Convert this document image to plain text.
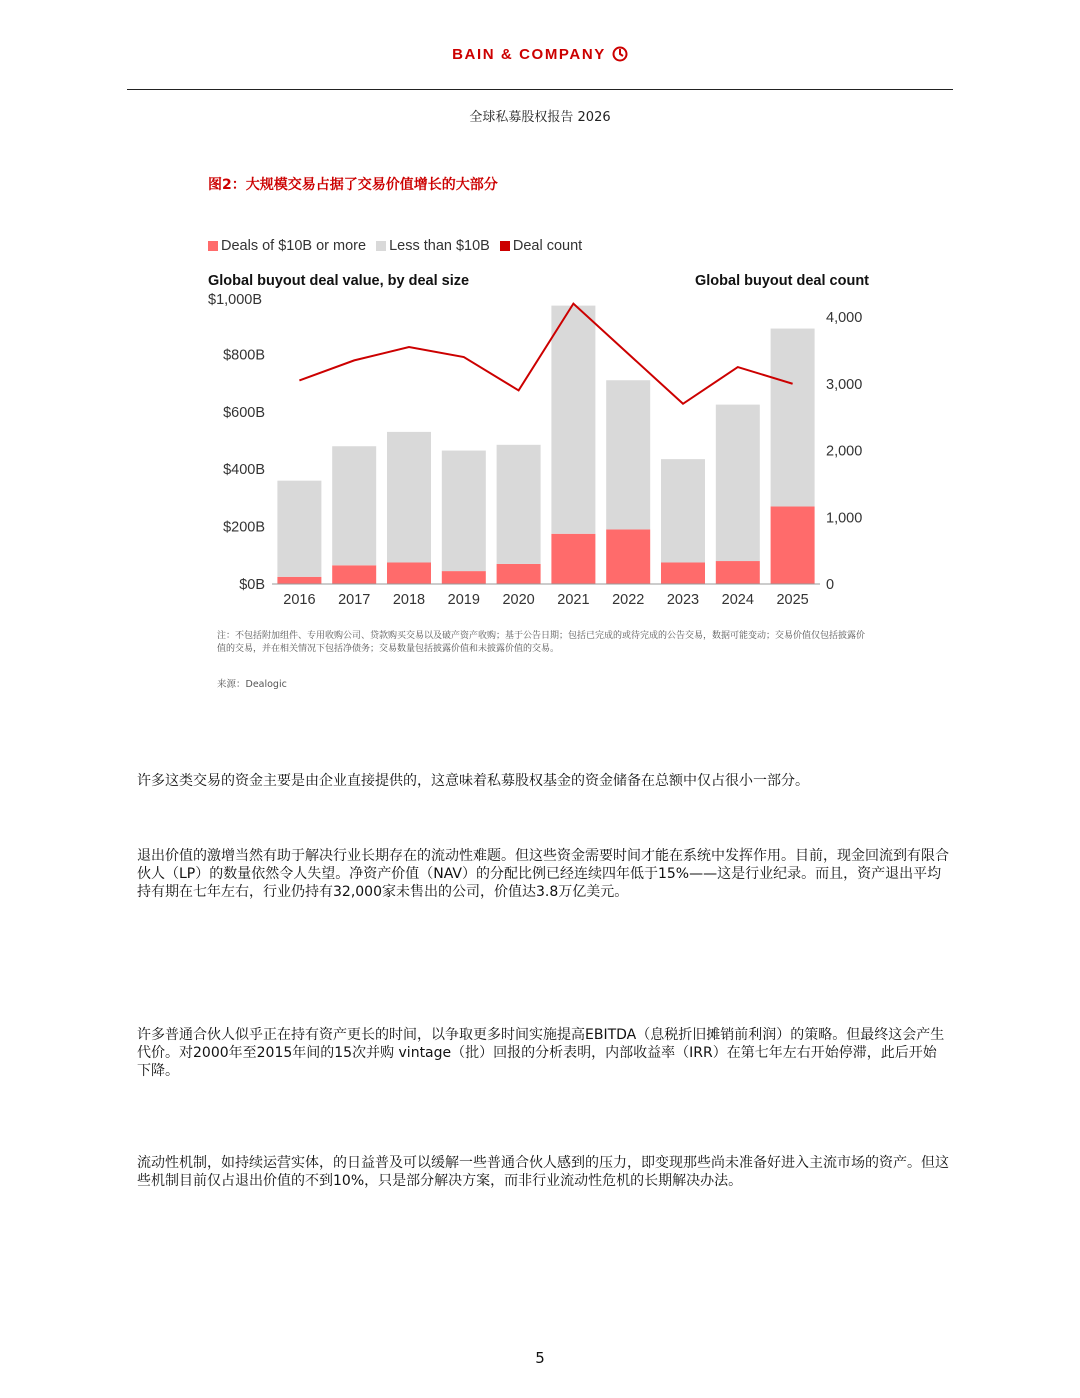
BAIN & COMPANY
全球私募股权报告 2026
图2：大规模交易占据了交易价值增长的大部分
Deals of $10B or more Less than $10B Deal count
Global buyout deal value, by deal size	Global buyout deal count
$0B
$200B
$400B
$600B
$800B
$1,000B
0
1,000
2,000
3,000
4,000
2016 2017 2018 2019 2020 2021 2022 2023 2024 2025
注：不包括附加组件、专用收购公司、贷款购买交易以及破产资产收购；基于公告日期；包括已完成的或待完成的公告交易，数据可能变动；交易价值仅包括披露价值的交易，并在相关情况下包括净债务；交易数量包括披露价值和未披露价值的交易。
来源：Dealogic
许多这类交易的资金主要是由企业直接提供的，这意味着私募股权基金的资金储备在总额中仅占很小一部分。
退出价值的激增当然有助于解决行业长期存在的流动性难题。但这些资金需要时间才能在系统中发挥作用。目前，现金回流到有限合伙人（LP）的数量依然令人失望。净资产价值（NAV）的分配比例已经连续四年低于15%——这是行业纪录。而且，资产退出平均持有期在七年左右，行业仍持有32,000家未售出的公司，价值达3.8万亿美元。
许多普通合伙人似乎正在持有资产更长的时间，以争取更多时间实施提高EBITDA（息税折旧摊销前利润）的策略。但最终这会产生代价。对2000年至2015年间的15次并购 vintage（批）回报的分析表明，内部收益率（IRR）在第七年左右开始停滞，此后开始下降。
流动性机制，如持续运营实体，的日益普及可以缓解一些普通合伙人感到的压力，即变现那些尚未准备好进入主流市场的资产。但这些机制目前仅占退出价值的不到10%，只是部分解决方案，而非行业流动性危机的长期解决办法。
5
